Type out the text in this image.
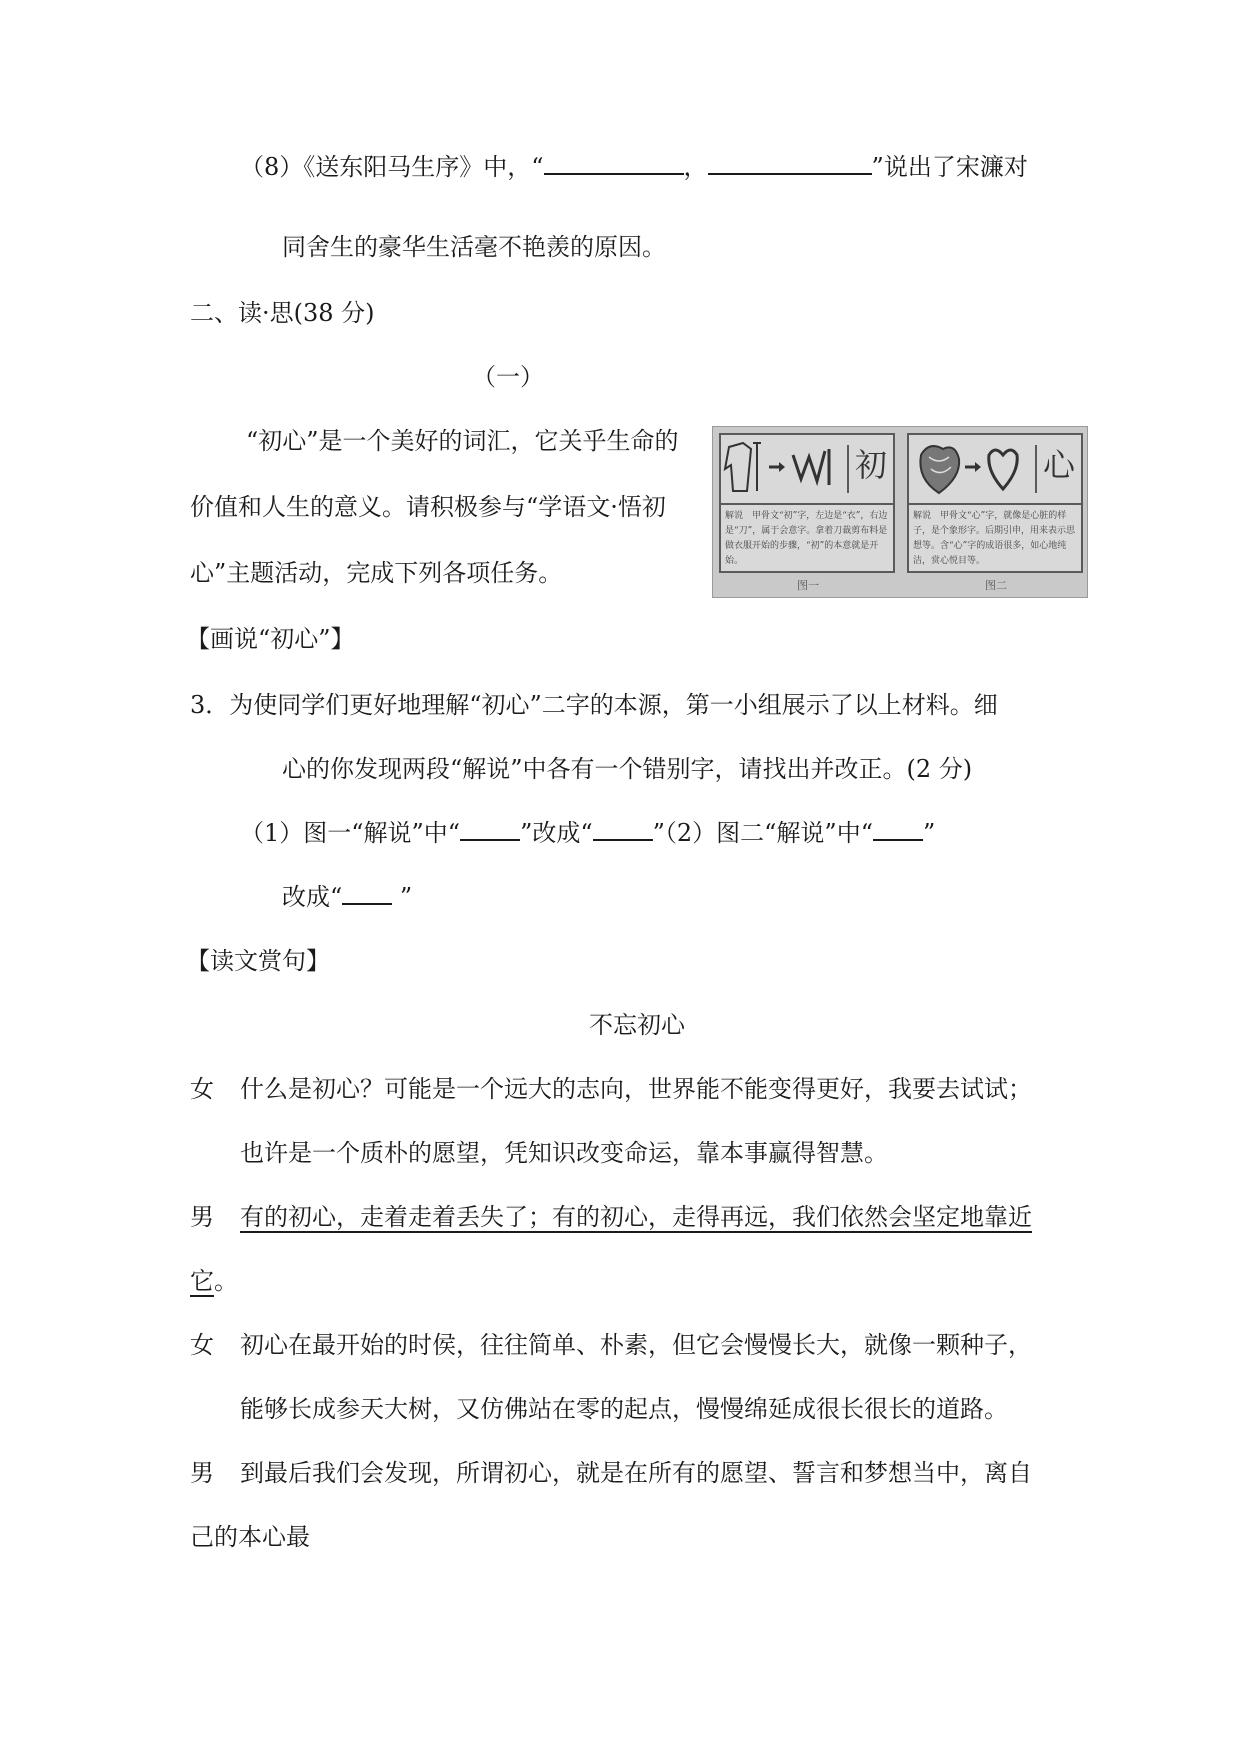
（8）《送东阳马生序》中，“	，	”说出了宋濂对
同舍生的豪华生活毫不艳羡的原因。
二、读·思(38 分)
（一）
“初心”是一个美好的词汇，它关乎生命的
价值和人生的意义。请积极参与“学语文·悟初
心”主题活动，完成下列各项任务。
初
解说　甲骨文“初”字，左边是“衣”，右边是“刀”，属于会意字。拿着刀裁剪布料是做衣服开始的步骤，“初”的本意就是开始。
图一
心
解说　甲骨文“心”字，就像是心脏的样子，是个象形字。后期引申，用来表示思想等。含“心”字的成语很多，如心地纯洁，赏心悦目等。
图二
【画说“初心”】
3．为使同学们更好地理解“初心”二字的本源，第一小组展示了以上材料。细
心的你发现两段“解说”中各有一个错别字，请找出并改正。(2 分)
（1）图一“解说”中“	”改成“	”（2）图二“解说”中“ ”
改成“ ”
【读文赏句】
不忘初心
女 什么是初心？可能是一个远大的志向，世界能不能变得更好，我要去试试；
也许是一个质朴的愿望，凭知识改变命运，靠本事赢得智慧。
男 有的初心，走着走着丢失了；有的初心，走得再远，我们依然会坚定地靠近
它。
女 初心在最开始的时侯，往往简单、朴素，但它会慢慢长大，就像一颗种子，
能够长成参天大树，又仿佛站在零的起点，慢慢绵延成很长很长的道路。
男 到最后我们会发现，所谓初心，就是在所有的愿望、誓言和梦想当中，离自
己的本心最
